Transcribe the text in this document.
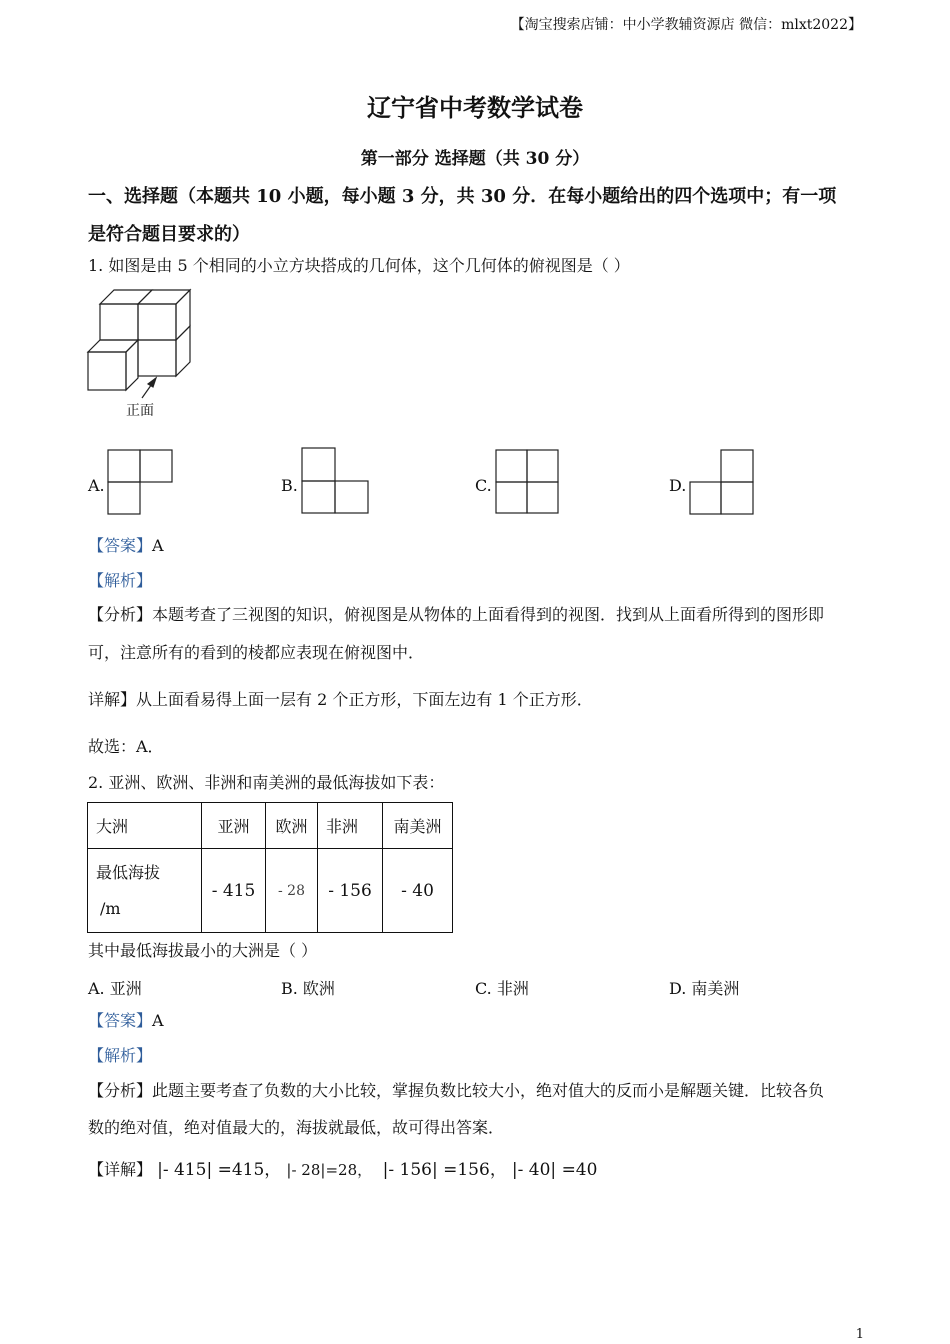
【淘宝搜索店铺：中小学教辅资源店 微信：mlxt2022】
辽宁省中考数学试卷
第一部分 选择题（共 30 分）
一、选择题（本题共 10 小题，每小题 3 分，共 30 分．在每小题给出的四个选项中；有一项
是符合题目要求的）
1. 如图是由 5 个相同的小立方块搭成的几何体，这个几何体的俯视图是（ ）
正面
A.	B.	C.	D.
【答案】A
【解析】
【分析】本题考查了三视图的知识，俯视图是从物体的上面看得到的视图．找到从上面看所得到的图形即
可，注意所有的看到的棱都应表现在俯视图中．
详解】从上面看易得上面一层有 2 个正方形，下面左边有 1 个正方形．
故选：A．
2. 亚洲、欧洲、非洲和南美洲的最低海拔如下表：
大洲	亚洲	欧洲	非洲	南美洲

最低海拔
/m	- 415	- 28	- 156	- 40
其中最低海拔最小的大洲是（ ）
A. 亚洲	B. 欧洲	C. 非洲	D. 南美洲
【答案】A
【解析】
【分析】此题主要考查了负数的大小比较，掌握负数比较大小，绝对值大的反而小是解题关键．比较各负
数的绝对值，绝对值最大的，海拔就最低，故可得出答案．
【详解】 |- 415| =415， |- 28|=28，  |- 156| =156， |- 40| =40
1
